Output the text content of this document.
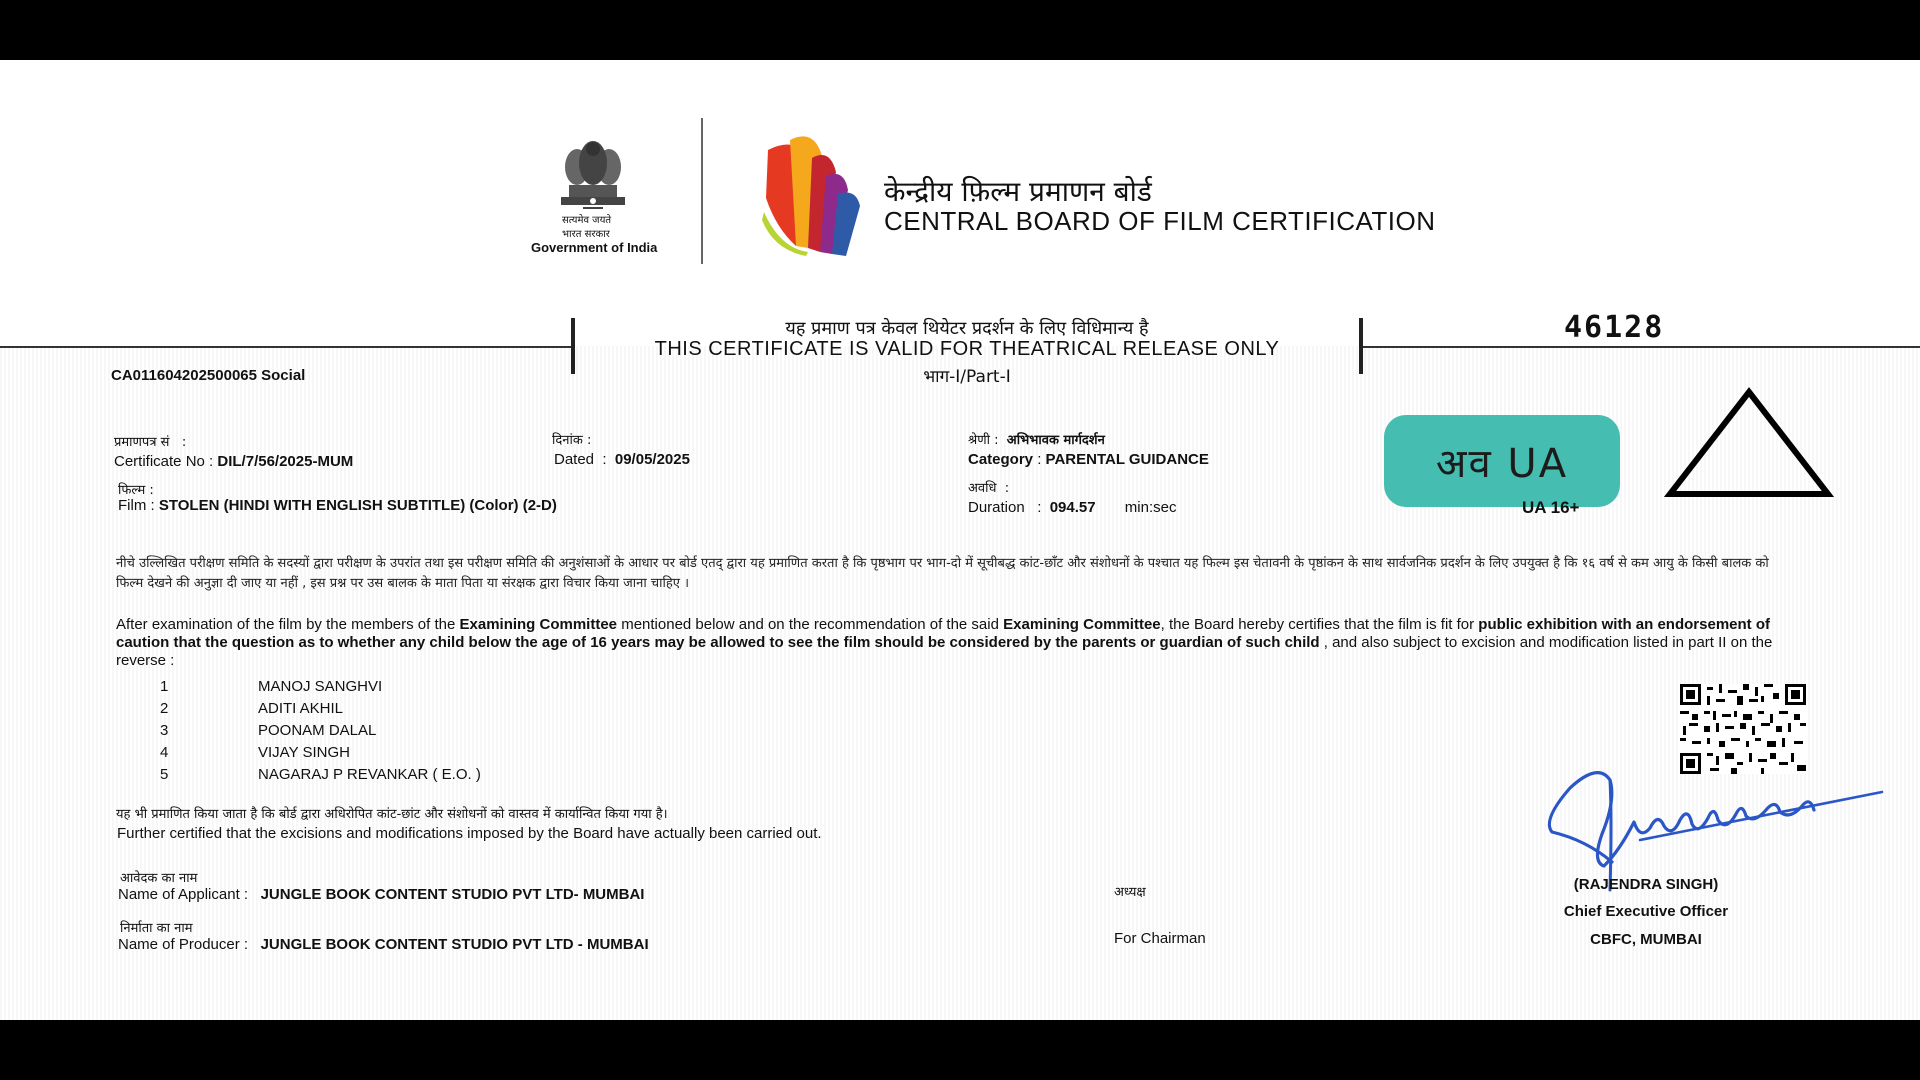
सत्यमेव जयते
भारत सरकार
Government of India
केन्द्रीय फ़िल्म प्रमाणन बोर्ड
CENTRAL BOARD OF FILM CERTIFICATION
यह प्रमाण पत्र केवल थियेटर प्रदर्शन के लिए विधिमान्य है
THIS CERTIFICATE IS VALID FOR THEATRICAL RELEASE ONLY
भाग-I/Part-I
46128
CA011604202500065 Social
प्रमाणपत्र सं   :
Certificate No : DIL/7/56/2025-MUM
दिनांक :
Dated  :  09/05/2025
श्रेणी :  अभिभावक मार्गदर्शन
Category : PARENTAL GUIDANCE
फिल्म :
Film : STOLEN (HINDI WITH ENGLISH SUBTITLE) (Color) (2-D)
अवधि  :
Duration   :  094.57 min:sec
अव UA
UA 16+
नीचे उल्लिखित परीक्षण समिति के सदस्यों द्वारा परीक्षण के उपरांत तथा इस परीक्षण समिति की अनुशंसाओं के आधार पर बोर्ड एतद् द्वारा यह प्रमाणित करता है कि पृष्ठभाग पर भाग-दो में सूचीबद्ध कांट-छाँट और संशोधनों के पश्चात यह फिल्म इस चेतावनी के पृष्ठांकन के साथ सार्वजनिक प्रदर्शन के लिए उपयुक्त है कि १६ वर्ष से कम आयु के किसी बालक को फिल्म देखने की अनुज्ञा दी जाए या नहीं , इस प्रश्न पर उस बालक के माता पिता या संरक्षक द्वारा विचार किया जाना चाहिए ।
After examination of the film by the members of the Examining Committee mentioned below and on the recommendation of the said Examining Committee, the Board hereby certifies that the film is fit for public exhibition with an endorsement of caution that the question as to whether any child below the age of 16 years may be allowed to see the film should be considered by the parents or guardian of such child , and also subject to excision and modification listed in part II on the reverse :
1	MANOJ SANGHVI
2	ADITI AKHIL
3	POONAM DALAL
4	VIJAY SINGH
5	NAGARAJ P REVANKAR ( E.O. )
यह भी प्रमाणित किया जाता है कि बोर्ड द्वारा अधिरोपित कांट-छांट और संशोधनों को वास्तव में कार्यान्वित किया गया है।
Further certified that the excisions and modifications imposed by the Board have actually been carried out.
आवेदक का नाम
Name of Applicant :   JUNGLE BOOK CONTENT STUDIO PVT LTD- MUMBAI
निर्माता का नाम
Name of Producer :   JUNGLE BOOK CONTENT STUDIO PVT LTD - MUMBAI
अध्यक्ष
For Chairman
(RAJENDRA SINGH)
Chief Executive Officer
CBFC, MUMBAI
